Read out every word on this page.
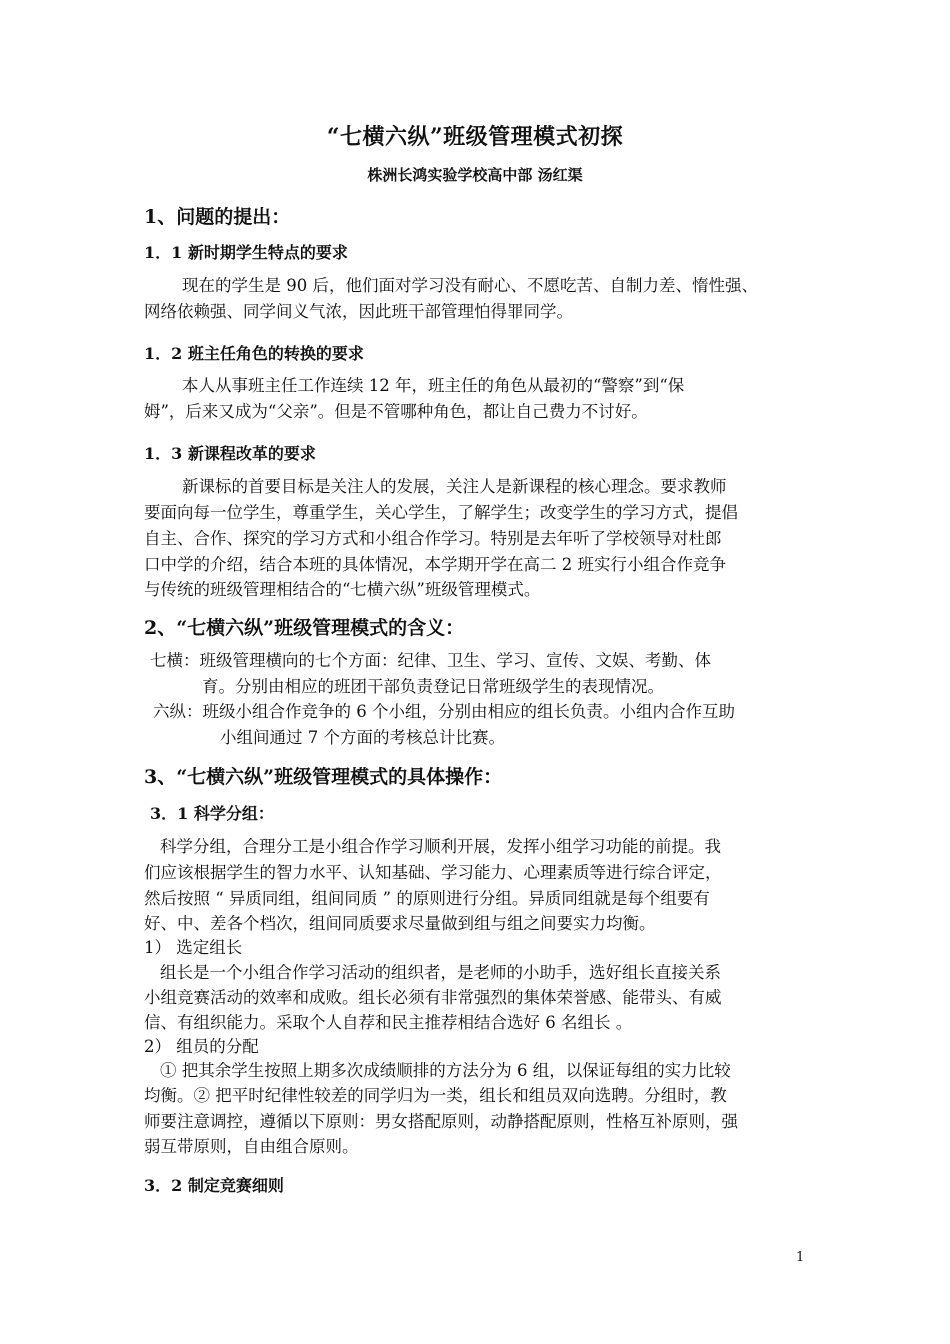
“七横六纵”班级管理模式初探
株洲长鸿实验学校高中部 汤红渠
1、问题的提出：
1．1 新时期学生特点的要求
现在的学生是 90 后，他们面对学习没有耐心、不愿吃苦、自制力差、惰性强、
网络依赖强、同学间义气浓，因此班干部管理怕得罪同学。
1．2 班主任角色的转换的要求
本人从事班主任工作连续 12 年，班主任的角色从最初的“警察”到“保
姆”，后来又成为“父亲”。但是不管哪种角色，都让自己费力不讨好。
1．3 新课程改革的要求
新课标的首要目标是关注人的发展，关注人是新课程的核心理念。要求教师
要面向每一位学生，尊重学生，关心学生，了解学生；改变学生的学习方式，提倡
自主、合作、探究的学习方式和小组合作学习。特别是去年听了学校领导对杜郎
口中学的介绍，结合本班的具体情况，本学期开学在高二 2 班实行小组合作竞争
与传统的班级管理相结合的“七横六纵”班级管理模式。
2、“七横六纵”班级管理模式的含义：
七横：班级管理横向的七个方面：纪律、卫生、学习、宣传、文娱、考勤、体
育。分别由相应的班团干部负责登记日常班级学生的表现情况。
六纵：班级小组合作竞争的 6 个小组，分别由相应的组长负责。小组内合作互助
小组间通过 7 个方面的考核总计比赛。
3、“七横六纵”班级管理模式的具体操作：
3．1 科学分组：
科学分组，合理分工是小组合作学习顺利开展，发挥小组学习功能的前提。我
们应该根据学生的智力水平、认知基础、学习能力、心理素质等进行综合评定，
然后按照 “ 异质同组，组间同质 ” 的原则进行分组。异质同组就是每个组要有
好、中、差各个档次，组间同质要求尽量做到组与组之间要实力均衡。
1） 选定组长
组长是一个小组合作学习活动的组织者，是老师的小助手，选好组长直接关系
小组竞赛活动的效率和成败。组长必须有非常强烈的集体荣誉感、能带头、有威
信、有组织能力。采取个人自荐和民主推荐相结合选好 6 名组长 。
2） 组员的分配
① 把其余学生按照上期多次成绩顺排的方法分为 6 组，以保证每组的实力比较
均衡。② 把平时纪律性较差的同学归为一类，组长和组员双向选聘。分组时，教
师要注意调控，遵循以下原则：男女搭配原则，动静搭配原则，性格互补原则，强
弱互带原则，自由组合原则。
3．2 制定竞赛细则
1
